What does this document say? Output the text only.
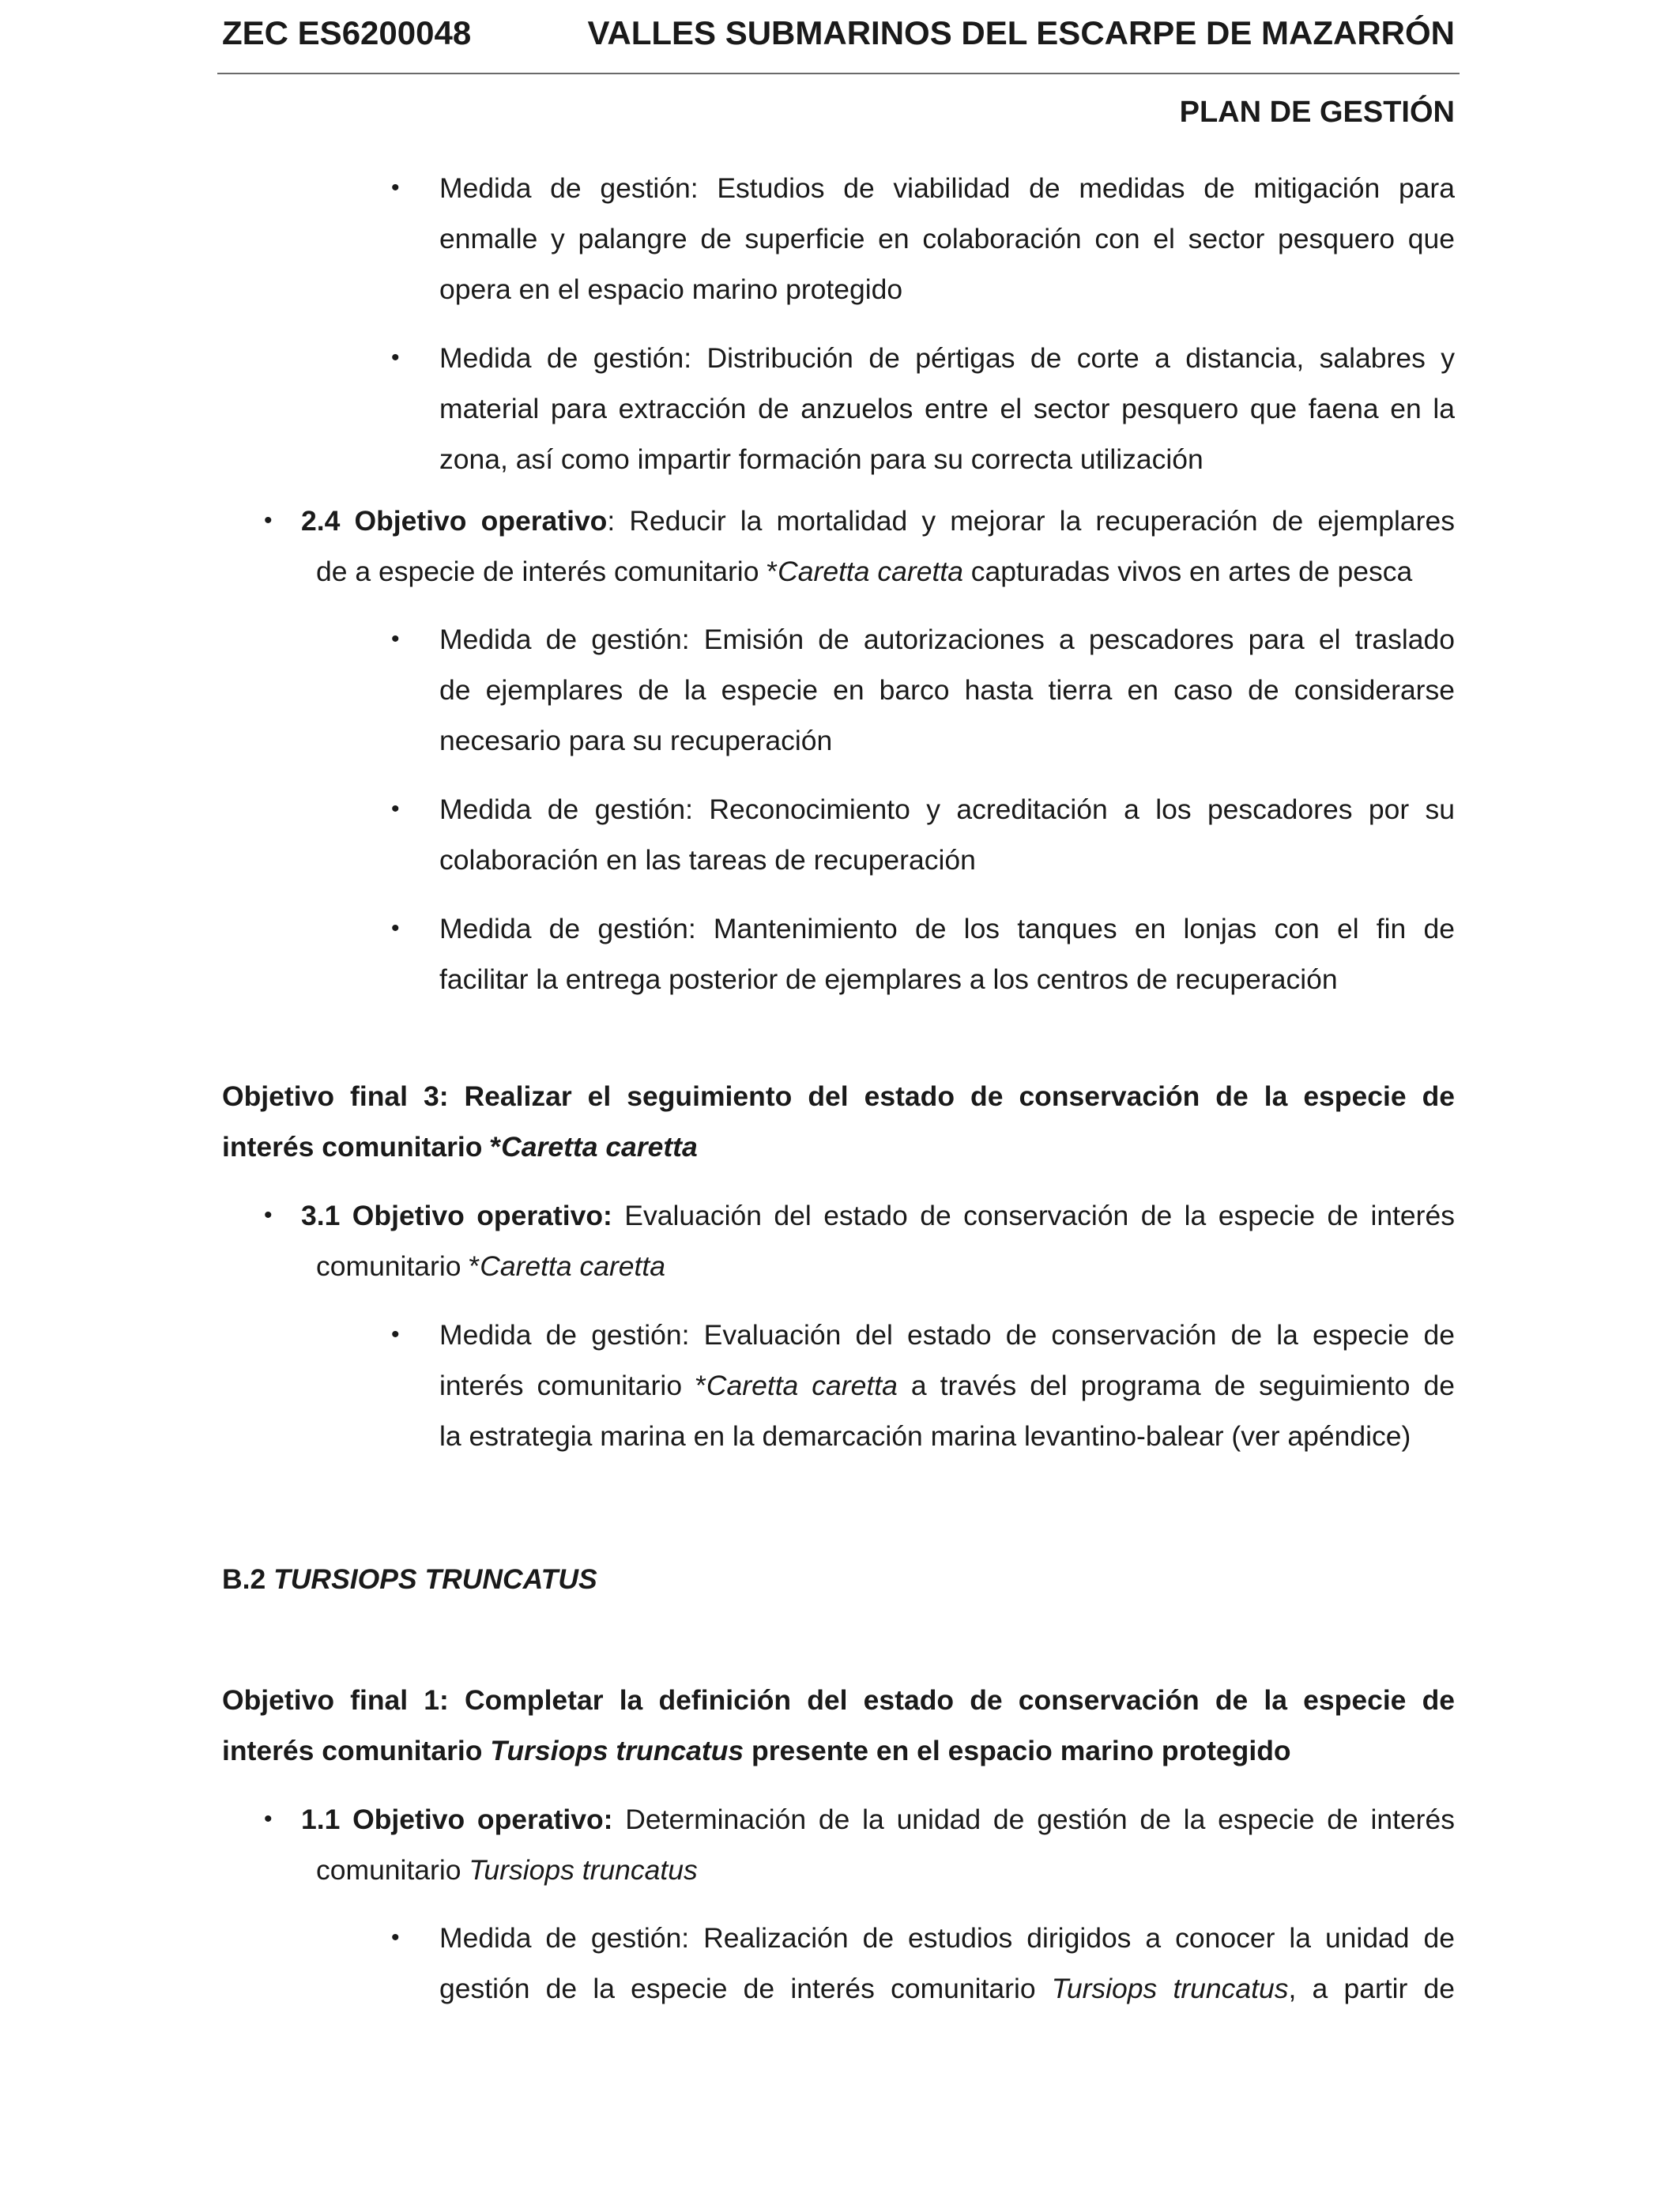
ZEC ES6200048	VALLES SUBMARINOS DEL ESCARPE DE MAZARRÓN
PLAN DE GESTIÓN
• Medida de gestión: Estudios de viabilidad de medidas de mitigación para
enmalle y palangre de superficie en colaboración con el sector pesquero que
opera en el espacio marino protegido
• Medida de gestión: Distribución de pértigas de corte a distancia, salabres y
material para extracción de anzuelos entre el sector pesquero que faena en la
zona, así como impartir formación para su correcta utilización
• 2.4 Objetivo operativo: Reducir la mortalidad y mejorar la recuperación de ejemplares
de a especie de interés comunitario *Caretta caretta capturadas vivos en artes de pesca
• Medida de gestión: Emisión de autorizaciones a pescadores para el traslado
de ejemplares de la especie en barco hasta tierra en caso de considerarse
necesario para su recuperación
• Medida de gestión: Reconocimiento y acreditación a los pescadores por su
colaboración en las tareas de recuperación
• Medida de gestión: Mantenimiento de los tanques en lonjas con el fin de
facilitar la entrega posterior de ejemplares a los centros de recuperación
Objetivo final 3: Realizar el seguimiento del estado de conservación de la especie de
interés comunitario *Caretta caretta
• 3.1 Objetivo operativo: Evaluación del estado de conservación de la especie de interés
comunitario *Caretta caretta
• Medida de gestión: Evaluación del estado de conservación de la especie de
interés comunitario *Caretta caretta a través del programa de seguimiento de
la estrategia marina en la demarcación marina levantino-balear (ver apéndice)
B.2 TURSIOPS TRUNCATUS
Objetivo final 1: Completar la definición del estado de conservación de la especie de
interés comunitario Tursiops truncatus presente en el espacio marino protegido
• 1.1 Objetivo operativo: Determinación de la unidad de gestión de la especie de interés
comunitario Tursiops truncatus
• Medida de gestión: Realización de estudios dirigidos a conocer la unidad de
gestión de la especie de interés comunitario Tursiops truncatus, a partir de
